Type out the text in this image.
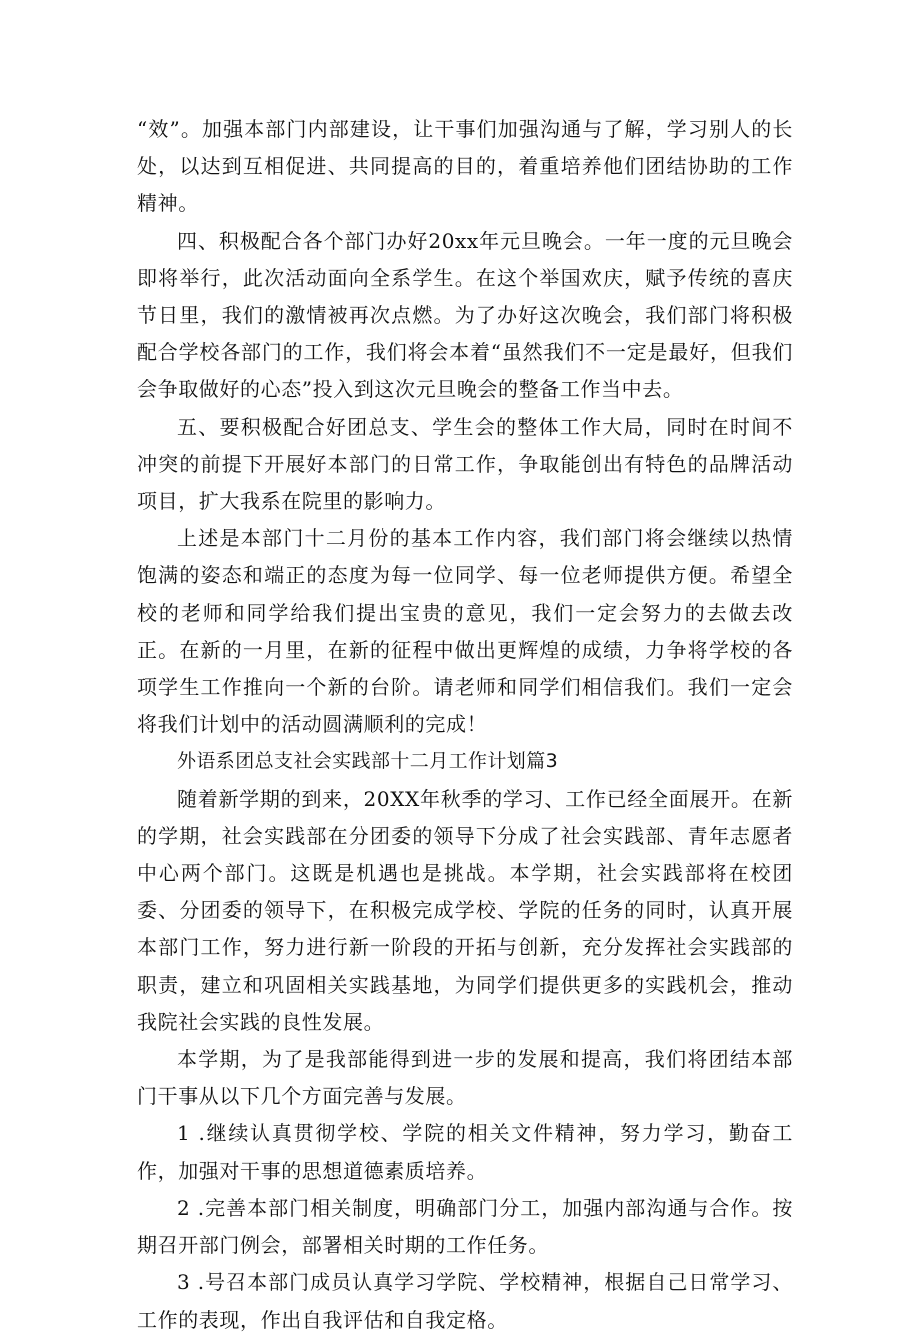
“效”。加强本部门内部建设，让干事们加强沟通与了解，学习别人的长处，以达到互相促进、共同提高的目的，着重培养他们团结协助的工作精神。

四、积极配合各个部门办好20xx年元旦晚会。一年一度的元旦晚会即将举行，此次活动面向全系学生。在这个举国欢庆，赋予传统的喜庆节日里，我们的激情被再次点燃。为了办好这次晚会，我们部门将积极配合学校各部门的工作，我们将会本着“虽然我们不一定是最好，但我们会争取做好的心态”投入到这次元旦晚会的整备工作当中去。

五、要积极配合好团总支、学生会的整体工作大局，同时在时间不冲突的前提下开展好本部门的日常工作，争取能创出有特色的品牌活动项目，扩大我系在院里的影响力。

上述是本部门十二月份的基本工作内容，我们部门将会继续以热情饱满的姿态和端正的态度为每一位同学、每一位老师提供方便。希望全校的老师和同学给我们提出宝贵的意见，我们一定会努力的去做去改正。在新的一月里，在新的征程中做出更辉煌的成绩，力争将学校的各项学生工作推向一个新的台阶。请老师和同学们相信我们。我们一定会将我们计划中的活动圆满顺利的完成！

外语系团总支社会实践部十二月工作计划篇3

随着新学期的到来，20XX年秋季的学习、工作已经全面展开。在新的学期，社会实践部在分团委的领导下分成了社会实践部、青年志愿者中心两个部门。这既是机遇也是挑战。本学期，社会实践部将在校团委、分团委的领导下，在积极完成学校、学院的任务的同时，认真开展本部门工作，努力进行新一阶段的开拓与创新，充分发挥社会实践部的职责，建立和巩固相关实践基地，为同学们提供更多的实践机会，推动我院社会实践的良性发展。

本学期，为了是我部能得到进一步的发展和提高，我们将团结本部门干事从以下几个方面完善与发展。

1 .继续认真贯彻学校、学院的相关文件精神，努力学习，勤奋工作，加强对干事的思想道德素质培养。

2 .完善本部门相关制度，明确部门分工，加强内部沟通与合作。按期召开部门例会，部署相关时期的工作任务。

3 .号召本部门成员认真学习学院、学校精神，根据自己日常学习、工作的表现，作出自我评估和自我定格。
